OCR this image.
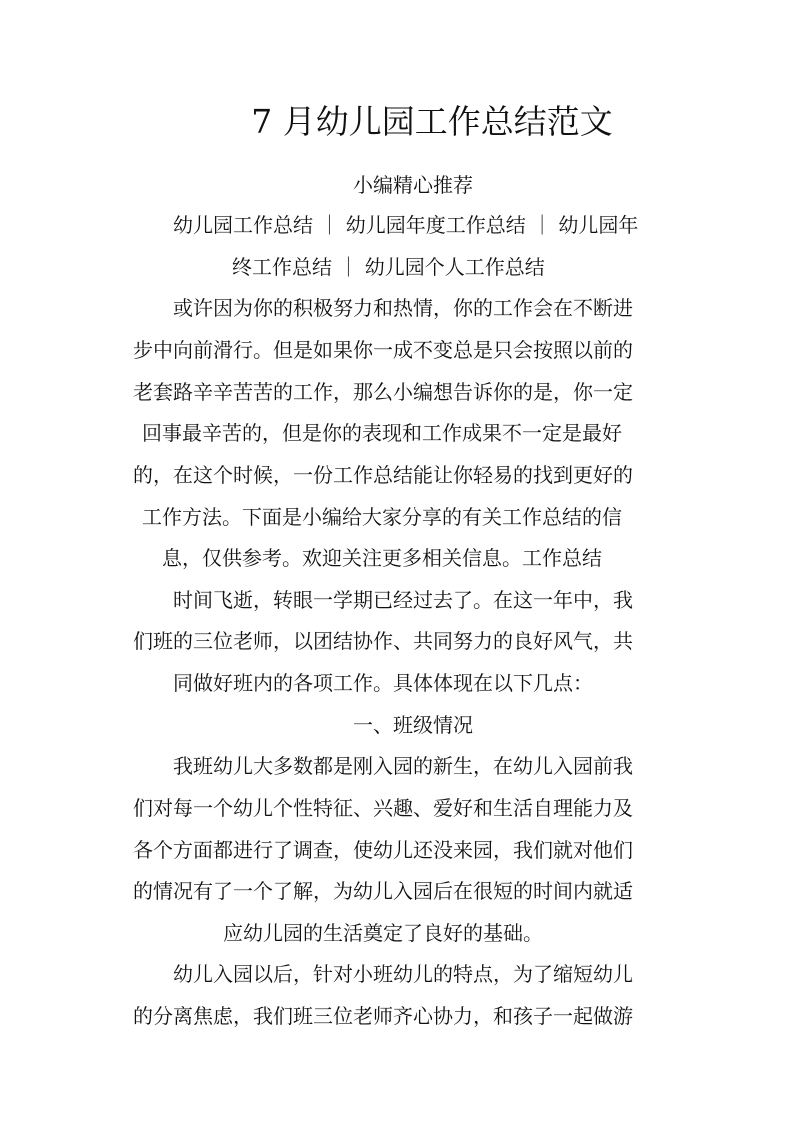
7 月幼儿园工作总结范文

小编精心推荐

幼儿园工作总结 ｜ 幼儿园年度工作总结 ｜ 幼儿园年

终工作总结 ｜ 幼儿园个人工作总结

或许因为你的积极努力和热情，你的工作会在不断进

步中向前滑行。但是如果你一成不变总是只会按照以前的

老套路辛辛苦苦的工作，那么小编想告诉你的是，你一定

回事最辛苦的，但是你的表现和工作成果不一定是最好

的，在这个时候，一份工作总结能让你轻易的找到更好的

工作方法。下面是小编给大家分享的有关工作总结的信

息，仅供参考。欢迎关注更多相关信息。工作总结

时间飞逝，转眼一学期已经过去了。在这一年中，我

们班的三位老师，以团结协作、共同努力的良好风气，共

同做好班内的各项工作。具体体现在以下几点：

一、班级情况

我班幼儿大多数都是刚入园的新生，在幼儿入园前我

们对每一个幼儿个性特征、兴趣、爱好和生活自理能力及

各个方面都进行了调查，使幼儿还没来园，我们就对他们

的情况有了一个了解，为幼儿入园后在很短的时间内就适

应幼儿园的生活奠定了良好的基础。

幼儿入园以后，针对小班幼儿的特点，为了缩短幼儿

的分离焦虑，我们班三位老师齐心协力，和孩子一起做游
